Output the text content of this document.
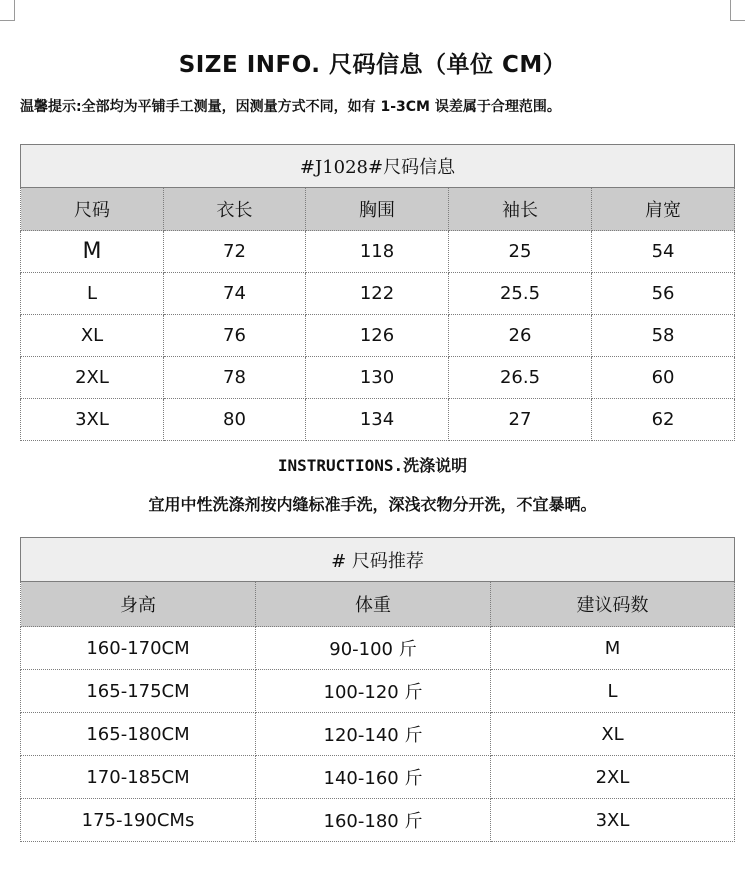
SIZE INFO. 尺码信息（单位 CM）
温馨提示:全部均为平铺手工测量，因测量方式不同，如有 1-3CM 误差属于合理范围。
#J1028#尺码信息				
尺码	衣长	胸围	袖长	肩宽
M	72	118	25	54
L	74	122	25.5	56
XL	76	126	26	58
2XL	78	130	26.5	60
3XL	80	134	27	62
INSTRUCTIONS.洗涤说明
宜用中性洗涤剂按内缝标准手洗，深浅衣物分开洗，不宜暴晒。
# 尺码推荐		
身高	体重	建议码数
160-170CM	90-100 斤	M
165-175CM	100-120 斤	L
165-180CM	120-140 斤	XL
170-185CM	140-160 斤	2XL
175-190CMs	160-180 斤	3XL
